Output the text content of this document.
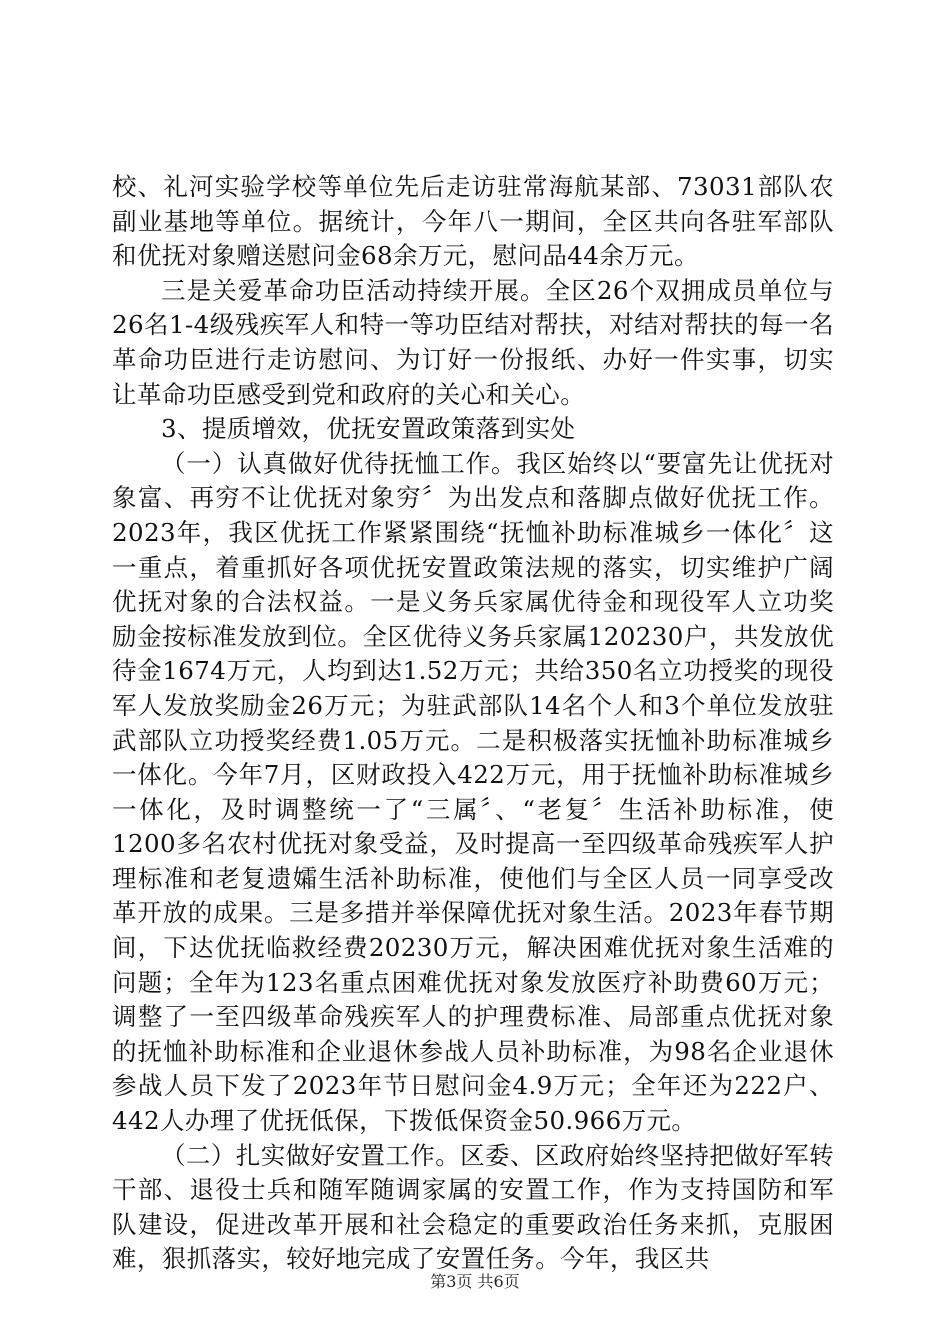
校、礼河实验学校等单位先后走访驻常海航某部、73031部队农副业基地等单位。据统计，今年八一期间，全区共向各驻军部队和优抚对象赠送慰问金68余万元，慰问品44余万元。

三是关爱革命功臣活动持续开展。全区26个双拥成员单位与26名1-4级残疾军人和特一等功臣结对帮扶，对结对帮扶的每一名革命功臣进行走访慰问、为订好一份报纸、办好一件实事，切实让革命功臣感受到党和政府的关心和关心。

3、提质增效，优抚安置政策落到实处

（一）认真做好优待抚恤工作。我区始终以“要富先让优抚对象富、再穷不让优抚对象穷〞为出发点和落脚点做好优抚工作。2023年，我区优抚工作紧紧围绕“抚恤补助标准城乡一体化〞这一重点，着重抓好各项优抚安置政策法规的落实，切实维护广阔优抚对象的合法权益。一是义务兵家属优待金和现役军人立功奖励金按标准发放到位。全区优待义务兵家属120230户，共发放优待金1674万元，人均到达1.52万元；共给350名立功授奖的现役军人发放奖励金26万元；为驻武部队14名个人和3个单位发放驻武部队立功授奖经费1.05万元。二是积极落实抚恤补助标准城乡一体化。今年7月，区财政投入422万元，用于抚恤补助标准城乡一体化，及时调整统一了“三属〞、“老复〞生活补助标准，使1200多名农村优抚对象受益，及时提高一至四级革命残疾军人护理标准和老复遗孀生活补助标准，使他们与全区人员一同享受改革开放的成果。三是多措并举保障优抚对象生活。2023年春节期间，下达优抚临救经费20230万元，解决困难优抚对象生活难的问题；全年为123名重点困难优抚对象发放医疗补助费60万元；调整了一至四级革命残疾军人的护理费标准、局部重点优抚对象的抚恤补助标准和企业退休参战人员补助标准，为98名企业退休参战人员下发了2023年节日慰问金4.9万元；全年还为222户、442人办理了优抚低保，下拨低保资金50.966万元。

（二）扎实做好安置工作。区委、区政府始终坚持把做好军转干部、退役士兵和随军随调家属的安置工作，作为支持国防和军队建设，促进改革开展和社会稳定的重要政治任务来抓，克服困难，狠抓落实，较好地完成了安置任务。今年，我区共

第3页 共6页
